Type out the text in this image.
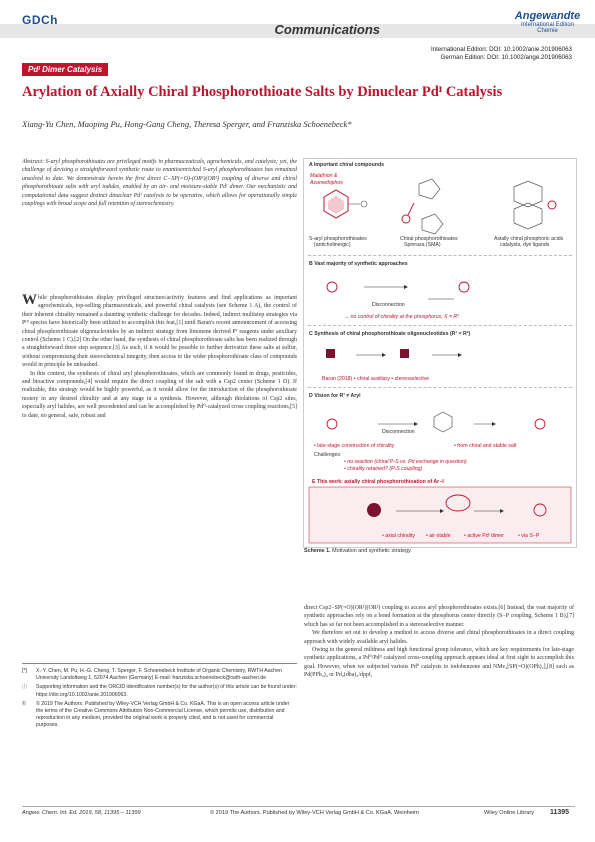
GDCh
Communications
Angewandte
International Edition Chemie
International Edition: DOI: 10.1002/anie.201906063
German Edition: DOI: 10.1002/ange.201906063
Pdᴵ Dimer Catalysis
Arylation of Axially Chiral Phosphorothioate Salts by Dinuclear Pdᴵ Catalysis
Xiang-Yu Chen, Maoping Pu, Hong-Gang Cheng, Theresa Sperger, and Franziska Schoenebeck*

Abstract: S-aryl phosphorothioates are privileged motifs in pharmaceuticals, agrochemicals, and catalysts; yet, the challenge of devising a straightforward synthetic route to enantioenriched S-aryl phosphorothioates has remained unsolved to date. We demonstrate herein the first direct C−SP(=O)-(OR¹)(OR²) coupling of diverse and chiral phosphorothioate salts with aryl iodides, enabled by an air- and moisture-stable Pdᴵ dimer. Our mechanistic and computational data suggest distinct dinuclear Pdᴵ catalysis to be operative, which allows for operationally simple couplings with broad scope and full retention of stereochemistry.

While phosphorothioates display privileged structure/activity features and find applications as important agrochemicals, top-selling pharmaceuticals, and powerful chiral catalysts (see Scheme 1 A), the control of their inherent chirality remained a daunting synthetic challenge for decades. Indeed, indirect multistep strategies via Pᴵᴵᴵ species have historically been utilized to accomplish this feat,[1] until Baran's recent announcement of accessing chiral phosphorothioate oligonucleotides by an indirect strategy from limonene derived Pᵛ reagents under auxiliary control (Scheme 1 C).[2] On the other hand, the synthesis of chiral phosphorothioate salts has been realized through a straightforward three step sequence.[3] As such, if it would be possible to further derivatize these salts at sulfur, without compromising their stereochemical integrity, then access to the wider phosphorothioate class of compounds would in principle be unleashed.

In this context, the synthesis of chiral aryl phosphorothioates, which are commonly found in drugs, pesticides, and bioactive compounds,[4] would require the direct coupling of the salt with a Csp2 center (Scheme 1 D). If realizable, this strategy would be highly powerful, as it would allow for the introduction of the phosphorothioate moiety in any desired chirality and at any stage in a synthesis. However, although thiolations of Csp2 sites, especially aryl halides, are well precedented and can be accomplished by Pd⁰-catalyzed cross coupling reactions,[5] to date, no general, safe, robust and

[*] X.-Y. Chen, M. Pu, H.-G. Cheng, T. Sperger, F. Schoenebeck Institute of Organic Chemistry, RWTH Aachen University Landoltweg 1, 52074 Aachen (Germany) E-mail: franziska.schoenebeck@rwth-aachen.de
ⓘ Supporting information and the ORCID identification number(s) for the author(s) of this article can be found under: https://doi.org/10.1002/anie.201906063.
© © 2019 The Authors. Published by Wiley-VCH Verlag GmbH & Co. KGaA. This is an open access article under the terms of the Creative Commons Attribution Non-Commercial License, which permits use, distribution and reproduction in any medium, provided the original work is properly cited, and is not used for commercial purposes.
A Important chiral compounds
Malathion &
Azamethiphos
S-aryl phosphorothioates
(anticholinergic)
Chiral phosphorothioates
Spinraza (SMA)
Axially chiral phosphoric acids
catalysts, dye ligands
B Vast majority of synthetic approaches
Disconnection
→ no control of chirality at the phosphorus; X = R²
C Synthesis of chiral phosphorothioate oligonucleotides (R¹ = R²)
Baran (2018) • chiral auxiliary • stereoselective
D Vision for R¹ ≠ Aryl
Disconnection
• late-stage construction of chirality	• from chiral and stable salt
Challenges:
• no reaction (chiral P-S vs. Pd exchange in question)
• chirality retained? (P-S coupling)
E This work: axially chiral phosphorothioation of Ar−I
• axial chirality • air-stable	• active Pdᴵ dimer	• via S−P
Scheme 1. Motivation and synthetic strategy.

direct Csp2−SP(=O)(OR¹)(OR²) coupling to access aryl phosphorothioates exists.[6] Instead, the vast majority of synthetic approaches rely on a bond formation at the phosphorus center directly (S−P coupling, Scheme 1 B),[7] which has so far not been accomplished in a stereoselective manner.

We therefore set out to develop a method to access diverse and chiral phosphorothioates in a direct coupling approach with widely available aryl halides.

Owing to the general mildness and high functional group tolerance, which are key requirements for late-stage synthetic applications, a Pd⁰/Pdᴵᴵ catalyzed cross-coupling approach appears ideal at first sight to accomplish this goal. However, when we subjected various Pd⁰ catalysts to iodobenzene and NMe₄[SP(=O)(OPh)₂],[8] such as Pd(PPh₃)₄ or Pd₂(dba)₃/dppf,

Angew. Chem. Int. Ed. 2019, 58, 11395 – 11399	© 2019 The Authors. Published by Wiley-VCH Verlag GmbH & Co. KGaA, Weinheim	Wiley Online Library 11395
